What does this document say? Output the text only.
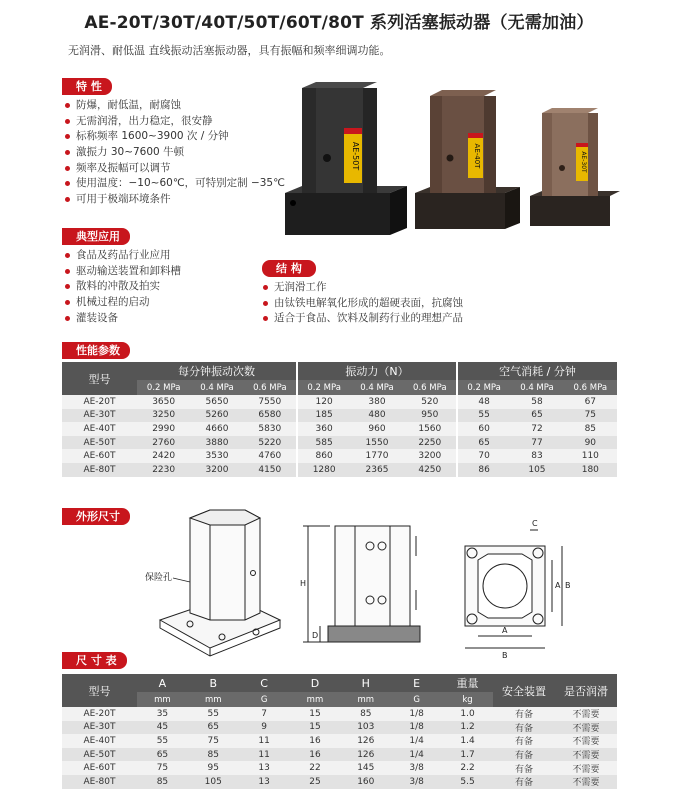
AE-20T/30T/40T/50T/60T/80T 系列活塞振动器（无需加油）
无润滑、耐低温 直线振动活塞振动器，具有振幅和频率细调功能。
特 性
防爆，耐低温，耐腐蚀
无需润滑，出力稳定，很安静
标称频率 1600~3900 次 / 分钟
激振力 30~7600 牛顿
频率及振幅可以调节
使用温度：−10~60℃，可特别定制 −35℃
可用于极端环境条件
典型应用
食品及药品行业应用
驱动输送装置和卸料槽
散料的冲散及拍实
机械过程的启动
灌装设备
结 构
无润滑工作
由钛铁电解氧化形成的超硬表面，抗腐蚀
适合于食品、饮料及制药行业的理想产品
AE-50T	AE-40T	AE-30T
性能参数
型号	每分钟振动次数			振动力（N）			空气消耗 / 分钟		
	0.2 MPa	0.4 MPa	0.6 MPa	0.2 MPa	0.4 MPa	0.6 MPa	0.2 MPa	0.4 MPa	0.6 MPa
AE-20T	3650	5650	7550	120	380	520	48	58	67
AE-30T	3250	5260	6580	185	480	950	55	65	75
AE-40T	2990	4660	5830	360	960	1560	60	72	85
AE-50T	2760	3880	5220	585	1550	2250	65	77	90
AE-60T	2420	3530	4760	860	1770	3200	70	83	110
AE-80T	2230	3200	4150	1280	2365	4250	86	105	180
外形尺寸
保险孔
H
D
A
B
A B
C
尺 寸 表
型号	A	B	C	D	H	E	重量	安全装置	是否润滑
	mm	mm	G	mm	mm	G	kg		
AE-20T	35	55	7	15	85	1/8	1.0	有备	不需要
AE-30T	45	65	9	15	103	1/8	1.2	有备	不需要
AE-40T	55	75	11	16	126	1/4	1.4	有备	不需要
AE-50T	65	85	11	16	126	1/4	1.7	有备	不需要
AE-60T	75	95	13	22	145	3/8	2.2	有备	不需要
AE-80T	85	105	13	25	160	3/8	5.5	有备	不需要
